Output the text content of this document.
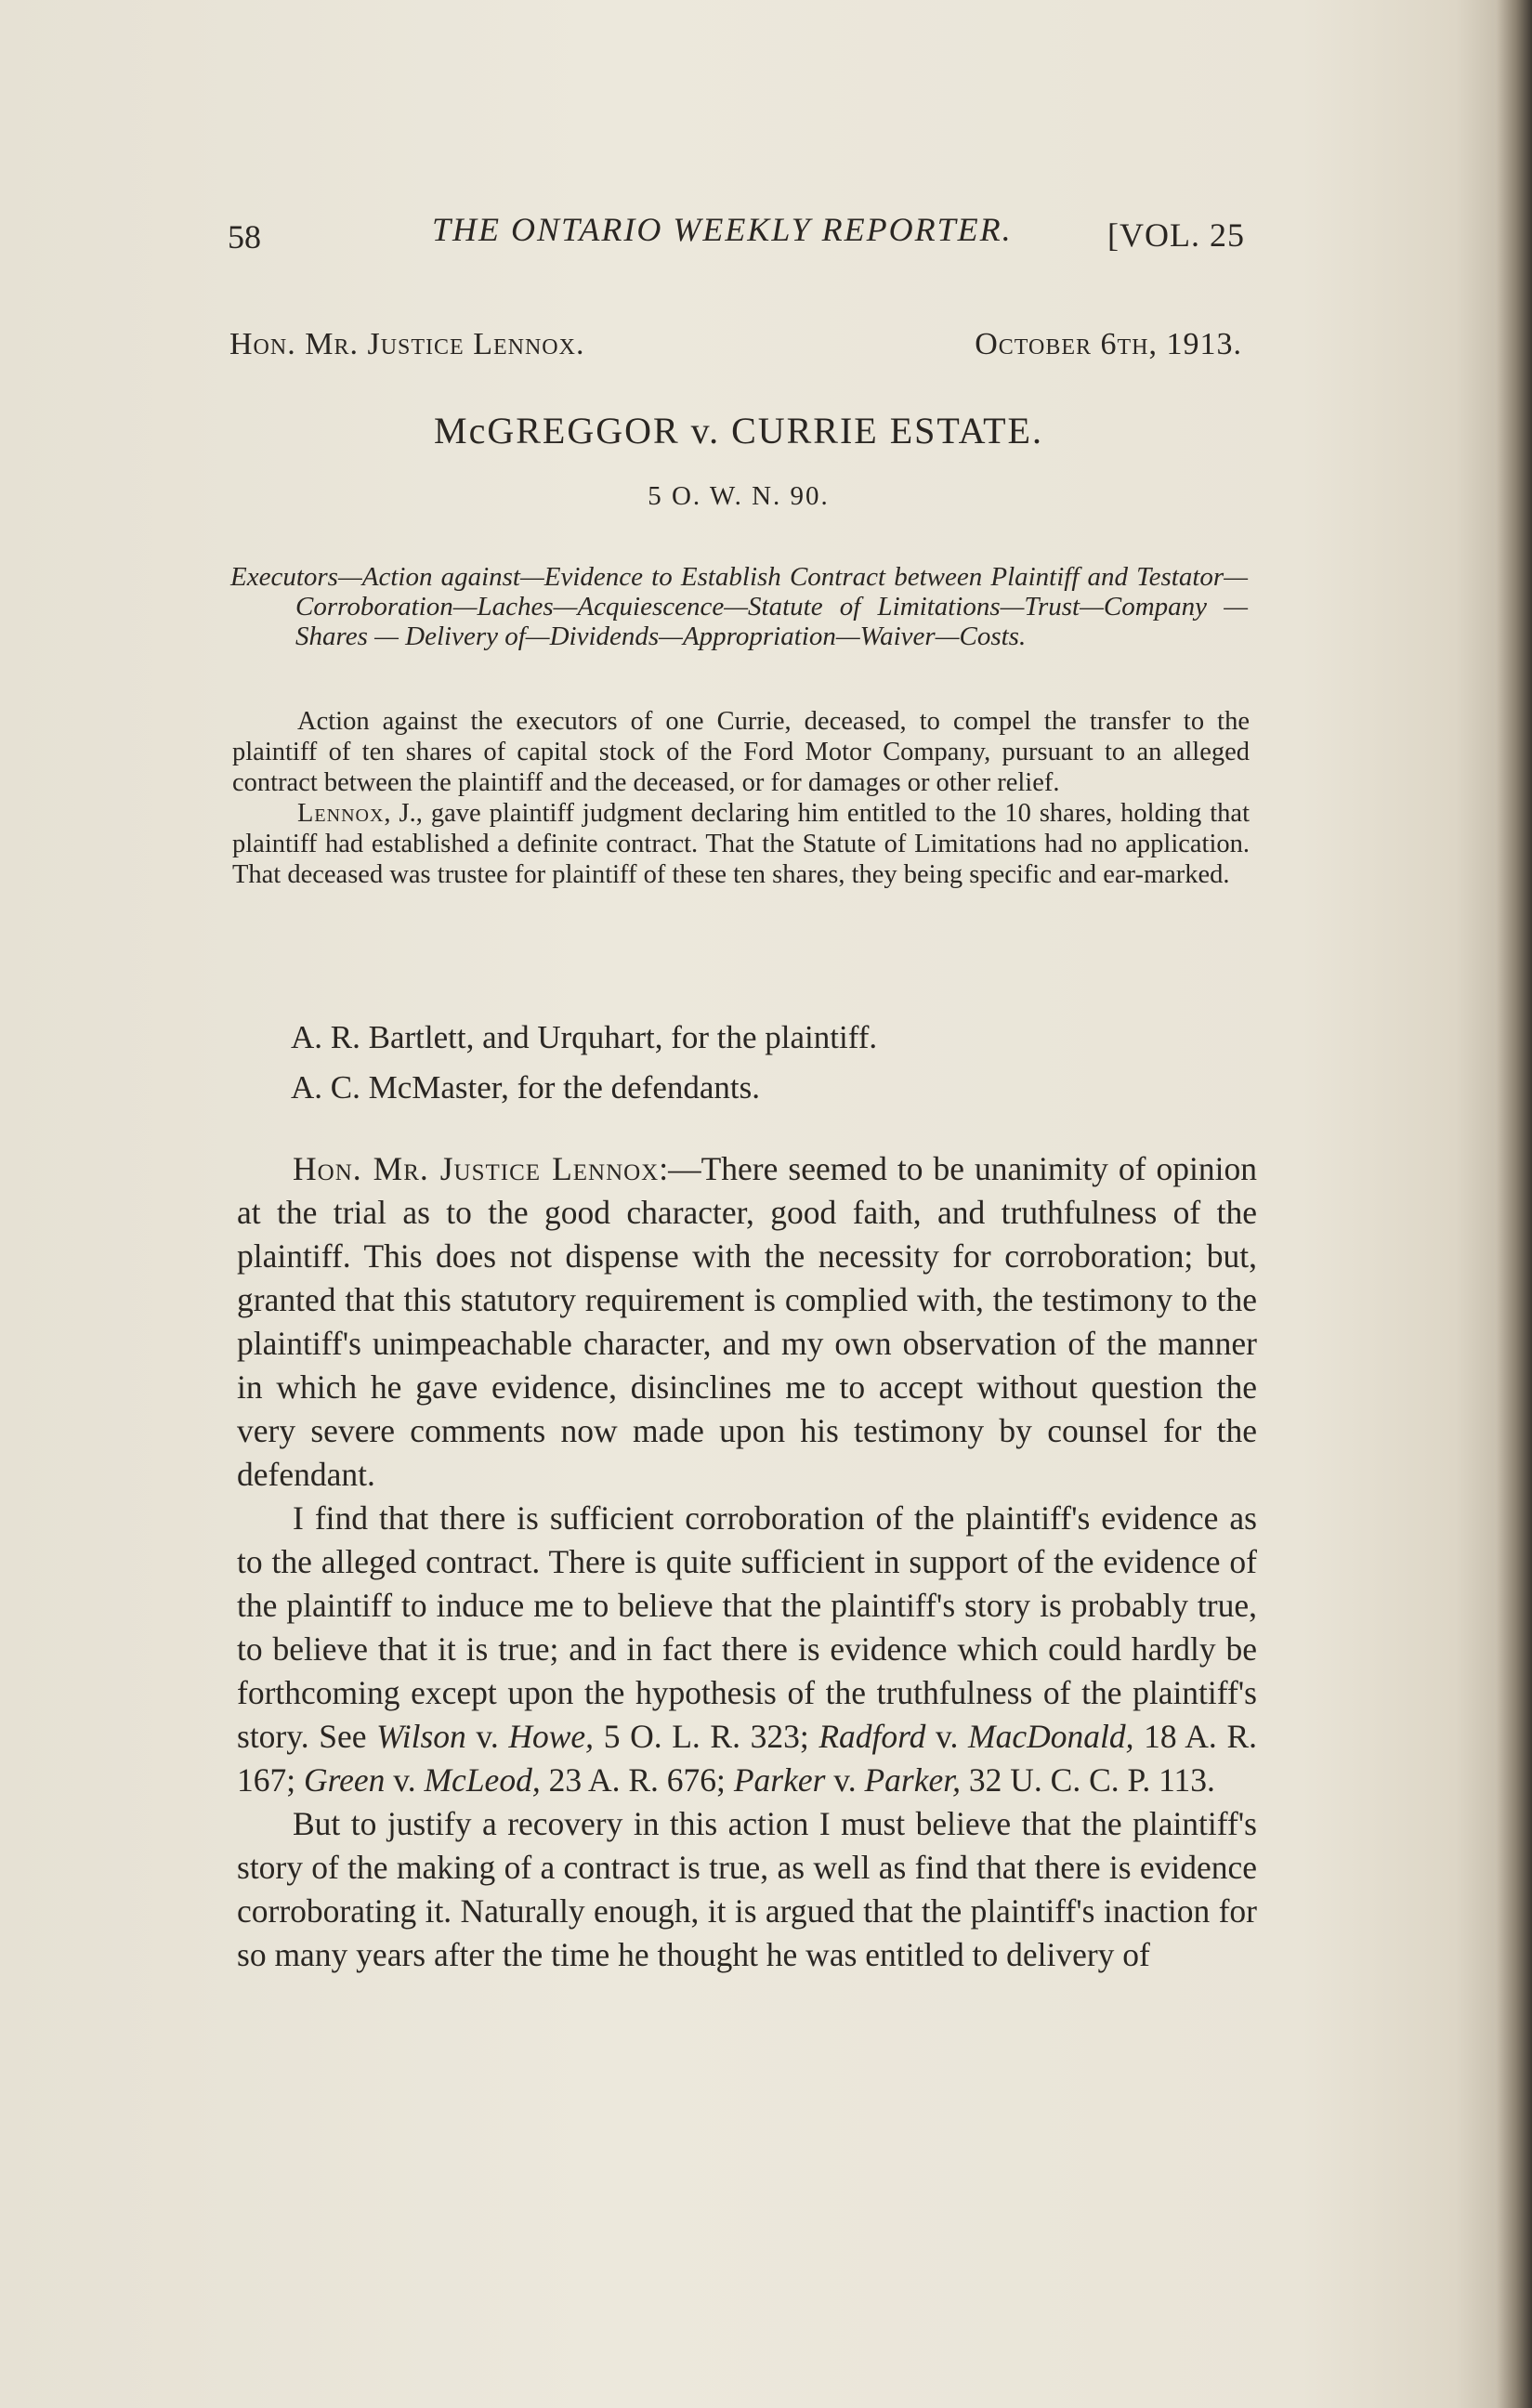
58	THE ONTARIO WEEKLY REPORTER.	[VOL. 25
Hon. Mr. Justice Lennox.	October 6th, 1913.
McGREGGOR v. CURRIE ESTATE.
5 O. W. N. 90.

Executors—Action against—Evidence to Establish Contract between Plaintiff and Testator—Corroboration—Laches—Acquiescence—Statute of Limitations—Trust—Company — Shares — Delivery of—Dividends—Appropriation—Waiver—Costs.

Action against the executors of one Currie, deceased, to compel the transfer to the plaintiff of ten shares of capital stock of the Ford Motor Company, pursuant to an alleged contract between the plaintiff and the deceased, or for damages or other relief.

Lennox, J., gave plaintiff judgment declaring him entitled to the 10 shares, holding that plaintiff had established a definite contract. That the Statute of Limitations had no application. That deceased was trustee for plaintiff of these ten shares, they being specific and ear-marked.

A. R. Bartlett, and Urquhart, for the plaintiff.

A. C. McMaster, for the defendants.

Hon. Mr. Justice Lennox:—There seemed to be unanimity of opinion at the trial as to the good character, good faith, and truthfulness of the plaintiff. This does not dispense with the necessity for corroboration; but, granted that this statutory requirement is complied with, the testimony to the plaintiff's unimpeachable character, and my own observation of the manner in which he gave evidence, disinclines me to accept without question the very severe comments now made upon his testimony by counsel for the defendant.

I find that there is sufficient corroboration of the plaintiff's evidence as to the alleged contract. There is quite sufficient in support of the evidence of the plaintiff to induce me to believe that the plaintiff's story is probably true, to believe that it is true; and in fact there is evidence which could hardly be forthcoming except upon the hypothesis of the truthfulness of the plaintiff's story. See Wilson v. Howe, 5 O. L. R. 323; Radford v. MacDonald, 18 A. R. 167; Green v. McLeod, 23 A. R. 676; Parker v. Parker, 32 U. C. C. P. 113.

But to justify a recovery in this action I must believe that the plaintiff's story of the making of a contract is true, as well as find that there is evidence corroborating it. Naturally enough, it is argued that the plaintiff's inaction for so many years after the time he thought he was entitled to delivery of
